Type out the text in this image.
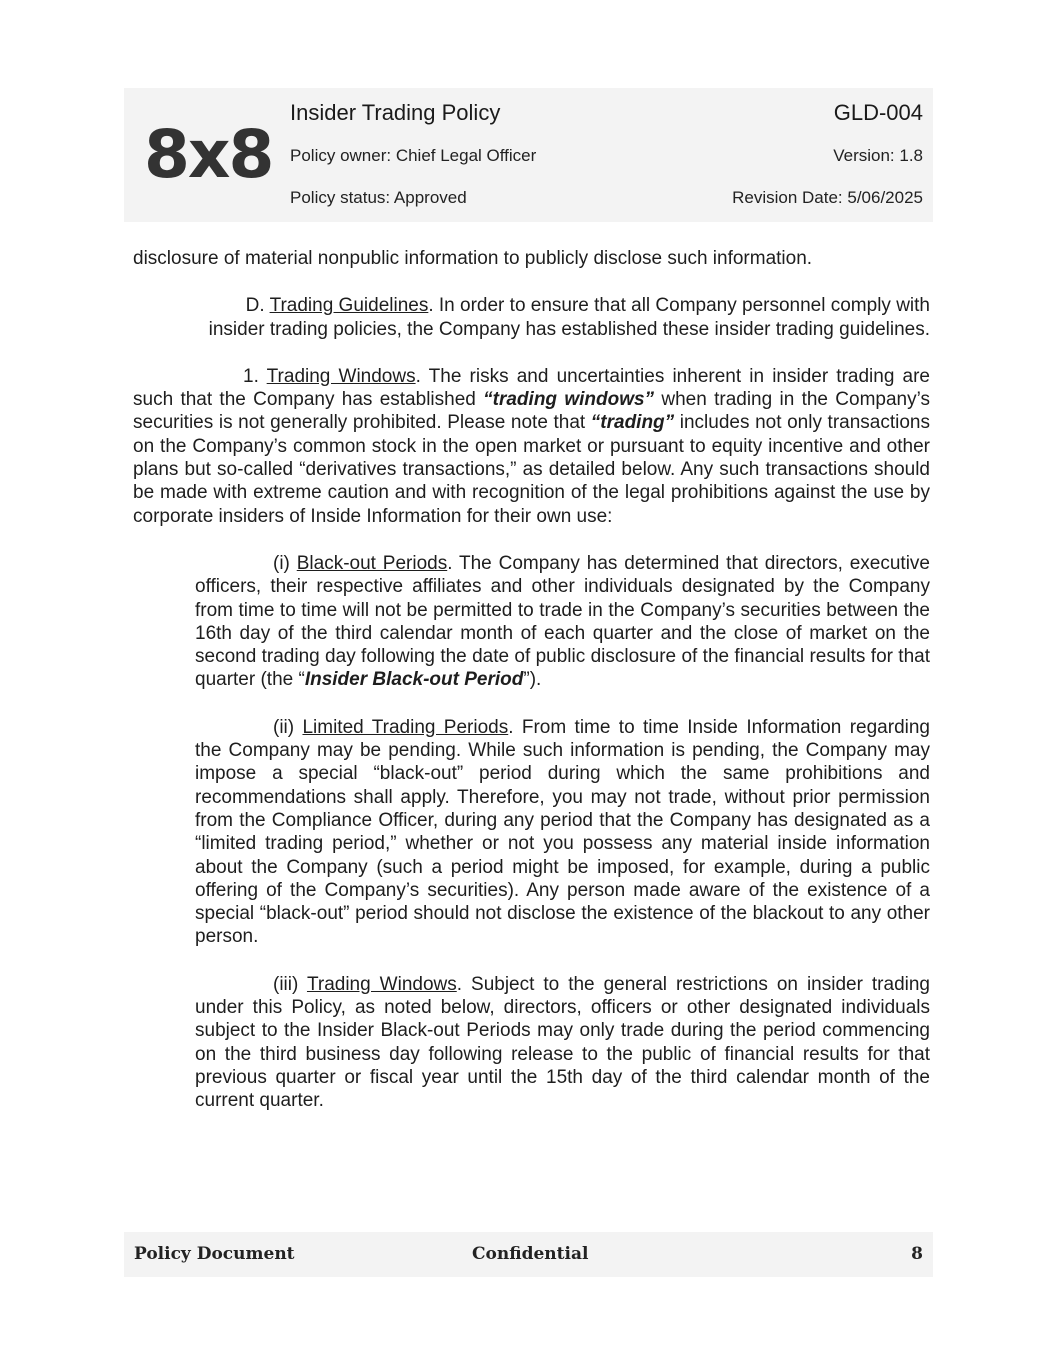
8x8
Insider Trading Policy	GLD-004
Policy owner: Chief Legal Officer	Version: 1.8
Policy status: Approved	Revision Date: 5/06/2025

disclosure of material nonpublic information to publicly disclose such information.

D. Trading Guidelines. In order to ensure that all Company personnel comply with insider trading policies, the Company has established these insider trading guidelines.

1. Trading Windows. The risks and uncertainties inherent in insider trading are such that the Company has established “trading windows” when trading in the Company’s securities is not generally prohibited. Please note that “trading” includes not only transactions on the Company’s common stock in the open market or pursuant to equity incentive and other plans but so-called “derivatives transactions,” as detailed below. Any such transactions should be made with extreme caution and with recognition of the legal prohibitions against the use by corporate insiders of Inside Information for their own use:

(i) Black-out Periods. The Company has determined that directors, executive officers, their respective affiliates and other individuals designated by the Company from time to time will not be permitted to trade in the Company’s securities between the 16th day of the third calendar month of each quarter and the close of market on the second trading day following the date of public disclosure of the financial results for that quarter (the “Insider Black-out Period”).

(ii) Limited Trading Periods. From time to time Inside Information regarding the Company may be pending. While such information is pending, the Company may impose a special “black-out” period during which the same prohibitions and recommendations shall apply. Therefore, you may not trade, without prior permission from the Compliance Officer, during any period that the Company has designated as a “limited trading period,” whether or not you possess any material inside information about the Company (such a period might be imposed, for example, during a public offering of the Company’s securities). Any person made aware of the existence of a special “black-out” period should not disclose the existence of the blackout to any other person.

(iii) Trading Windows. Subject to the general restrictions on insider trading under this Policy, as noted below, directors, officers or other designated individuals subject to the Insider Black-out Periods may only trade during the period commencing on the third business day following release to the public of financial results for that previous quarter or fiscal year until the 15th day of the third calendar month of the current quarter.

Policy Document	Confidential	8
